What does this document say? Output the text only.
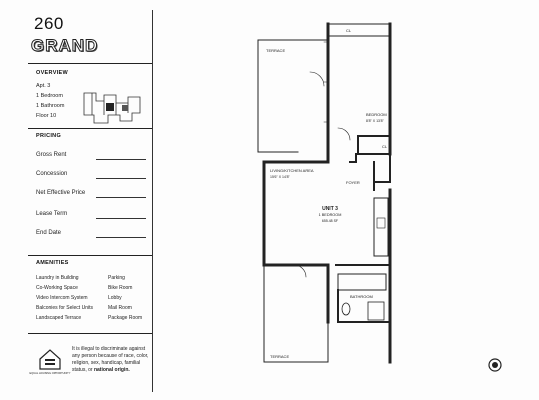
260
GRAND
OVERVIEW
Apt. 3
1 Bedroom
1 Bathroom
Floor 10
PRICING
Gross Rent
Concession
Net Effective Price
Lease Term
End Date
AMENITIES
Laundry in Building
Co-Working Space
Video Intercom System
Balconies for Select Units
Landscaped Terrace
Parking
Bike Room
Lobby
Mail Room
Package Room
EQUAL HOUSING OPPORTUNITY
It is illegal to discriminate against any person because of race, color, religion, sex, handicap, familial status, or national origin.
CL
TERRACE
BEDROOM
8'8" X 13'8"
CL
LIVING/KITCHEN AREA
15'6" X 14'8"
FOYER
UNIT 3
1 BEDROOM
655.48 SF
BATHROOM
TERRACE
